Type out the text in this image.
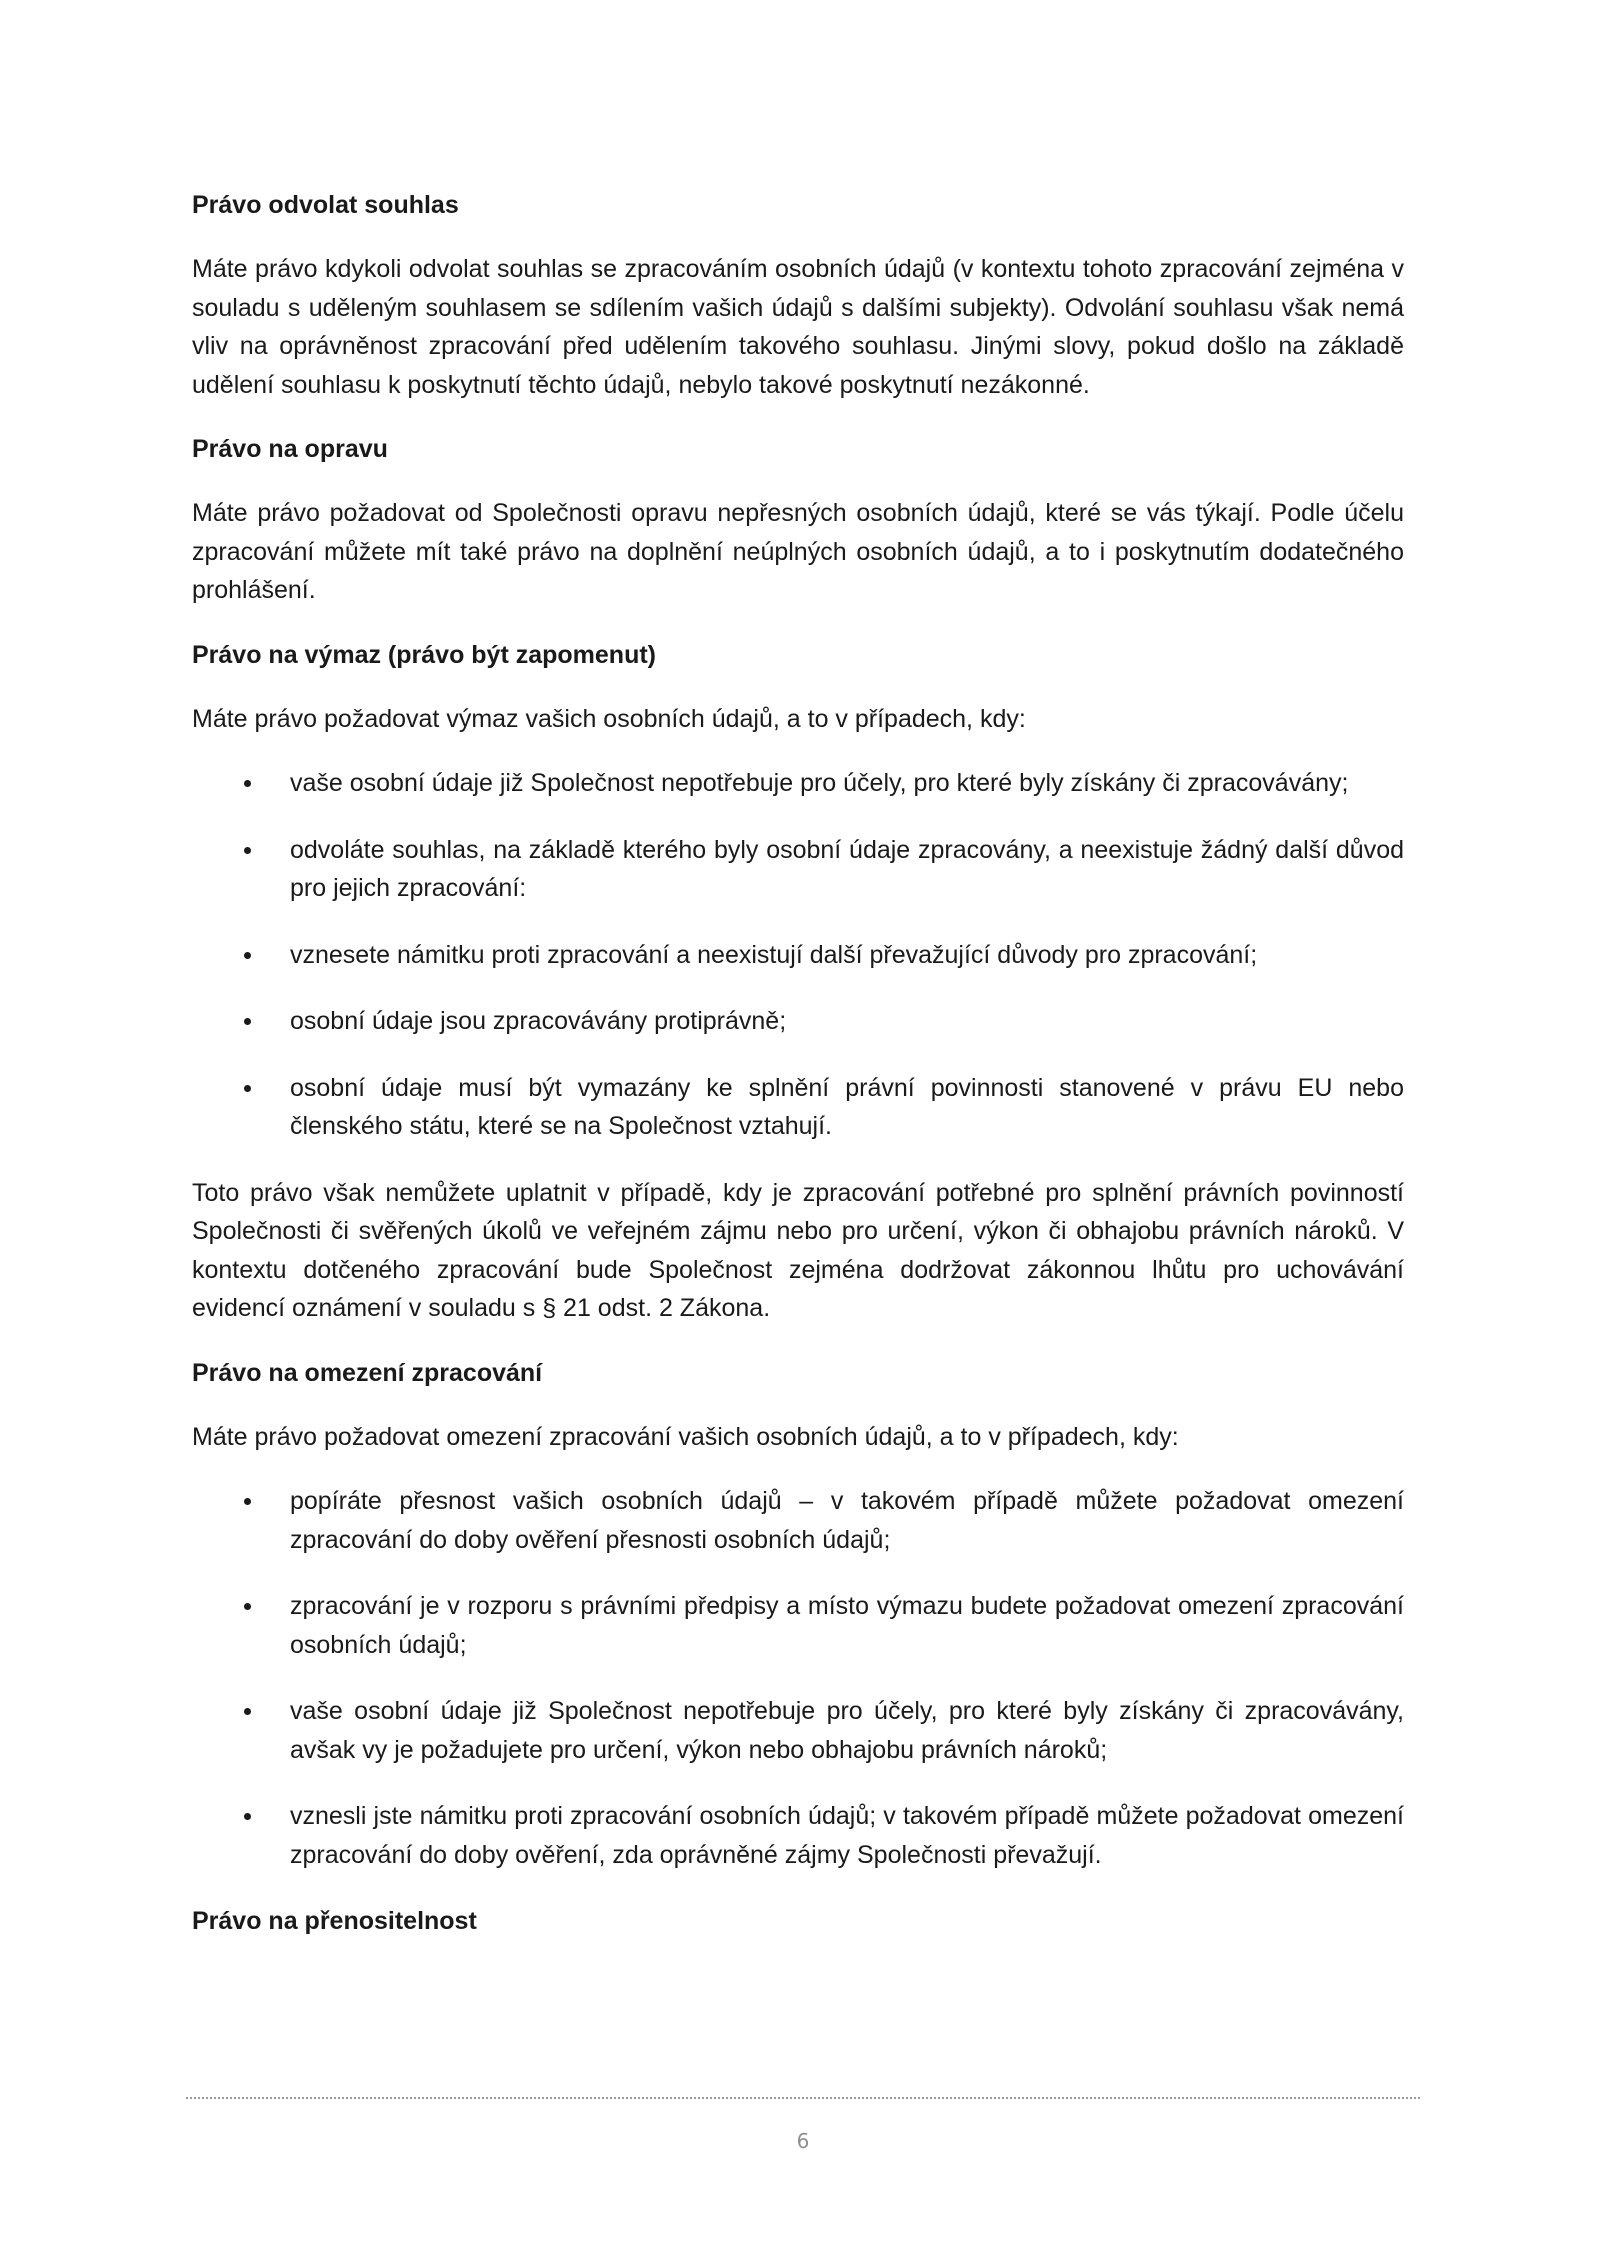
Právo odvolat souhlas

Máte právo kdykoli odvolat souhlas se zpracováním osobních údajů (v kontextu tohoto zpracování zejména v souladu s uděleným souhlasem se sdílením vašich údajů s dalšími subjekty). Odvolání souhlasu však nemá vliv na oprávněnost zpracování před udělením takového souhlasu. Jinými slovy, pokud došlo na základě udělení souhlasu k poskytnutí těchto údajů, nebylo takové poskytnutí nezákonné.

Právo na opravu

Máte právo požadovat od Společnosti opravu nepřesných osobních údajů, které se vás týkají. Podle účelu zpracování můžete mít také právo na doplnění neúplných osobních údajů, a to i poskytnutím dodatečného prohlášení.

Právo na výmaz (právo být zapomenut)

Máte právo požadovat výmaz vašich osobních údajů, a to v případech, kdy:

vaše osobní údaje již Společnost nepotřebuje pro účely, pro které byly získány či zpracovávány;
odvoláte souhlas, na základě kterého byly osobní údaje zpracovány, a neexistuje žádný další důvod pro jejich zpracování:
vznesete námitku proti zpracování a neexistují další převažující důvody pro zpracování;
osobní údaje jsou zpracovávány protiprávně;
osobní údaje musí být vymazány ke splnění právní povinnosti stanovené v právu EU nebo členského státu, které se na Společnost vztahují.

Toto právo však nemůžete uplatnit v případě, kdy je zpracování potřebné pro splnění právních povinností Společnosti či svěřených úkolů ve veřejném zájmu nebo pro určení, výkon či obhajobu právních nároků. V kontextu dotčeného zpracování bude Společnost zejména dodržovat zákonnou lhůtu pro uchovávání evidencí oznámení v souladu s § 21 odst. 2 Zákona.

Právo na omezení zpracování

Máte právo požadovat omezení zpracování vašich osobních údajů, a to v případech, kdy:

popíráte přesnost vašich osobních údajů – v takovém případě můžete požadovat omezení zpracování do doby ověření přesnosti osobních údajů;
zpracování je v rozporu s právními předpisy a místo výmazu budete požadovat omezení zpracování osobních údajů;
vaše osobní údaje již Společnost nepotřebuje pro účely, pro které byly získány či zpracovávány, avšak vy je požadujete pro určení, výkon nebo obhajobu právních nároků;
vznesli jste námitku proti zpracování osobních údajů; v takovém případě můžete požadovat omezení zpracování do doby ověření, zda oprávněné zájmy Společnosti převažují.
Právo na přenositelnost
6
